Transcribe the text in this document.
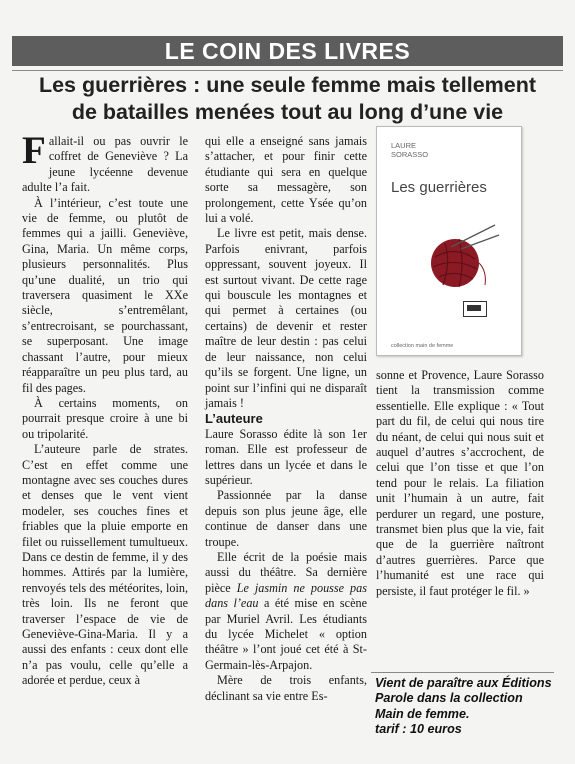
LE COIN DES LIVRES
Les guerrières : une seule femme mais tellement
de batailles menées tout au long d’une vie

Fallait-il ou pas ouvrir le coffret de Geneviève ? La jeune lycéenne devenue adulte l’a fait.

À l’intérieur, c’est toute une vie de femme, ou plutôt de femmes qui a jailli. Geneviève, Gina, Maria. Un même corps, plusieurs personnalités. Plus qu’une dualité, un trio qui traversera quasiment le XXe siècle, s’entremêlant, s’entrecroisant, se pourchassant, se superposant. Une image chassant l’autre, pour mieux réapparaître un peu plus tard, au fil des pages.

À certains moments, on pourrait presque croire à une bi ou tripolarité.

L’auteure parle de strates. C’est en effet comme une montagne avec ses couches dures et denses que le vent vient modeler, ses couches fines et friables que la pluie emporte en filet ou ruissellement tumultueux. Dans ce destin de femme, il y des hommes. Attirés par la lumière, renvoyés tels des météorites, loin, très loin. Ils ne feront que traverser l’espace de vie de Geneviève-Gina-Maria. Il y a aussi des enfants : ceux dont elle n’a pas voulu, celle qu’elle a adorée et perdue, ceux à

qui elle a enseigné sans jamais s’attacher, et pour finir cette étudiante qui sera en quelque sorte sa messagère, son prolongement, cette Ysée qu’on lui a volé.

Le livre est petit, mais dense. Parfois enivrant, parfois oppressant, souvent joyeux. Il est surtout vivant. De cette rage qui bouscule les montagnes et qui permet à certaines (ou certains) de devenir et rester maître de leur destin : pas celui de leur naissance, non celui qu’ils se forgent. Une ligne, un point sur l’infini qui ne disparaît jamais !

L’auteure

Laure Sorasso édite là son 1er roman. Elle est professeur de lettres dans un lycée et dans le supérieur.

Passionnée par la danse depuis son plus jeune âge, elle continue de danser dans une troupe.

Elle écrit de la poésie mais aussi du théâtre. Sa dernière pièce Le jasmin ne pousse pas dans l’eau a été mise en scène par Muriel Avril. Les étudiants du lycée Michelet « option théâtre » l’ont joué cet été à St-Germain-lès-Arpajon.

Mère de trois enfants, déclinant sa vie entre Es-

LAURE
SORASSO
Les guerrières
collection main de femme

sonne et Provence, Laure Sorasso tient la transmission comme essentielle. Elle explique : « Tout part du fil, de celui qui nous tire du néant, de celui qui nous suit et auquel d’autres s’accrochent, de celui que l’on tisse et que l’on tend pour le relais. La filiation unit l’humain à un autre, fait perdurer un regard, une posture, transmet bien plus que la vie, fait que de la guerrière naîtront d’autres guerrières. Parce que l’humanité est une race qui persiste, il faut protéger le fil. »

Vient de paraître aux Éditions Parole dans la collection Main de femme.
tarif : 10 euros
